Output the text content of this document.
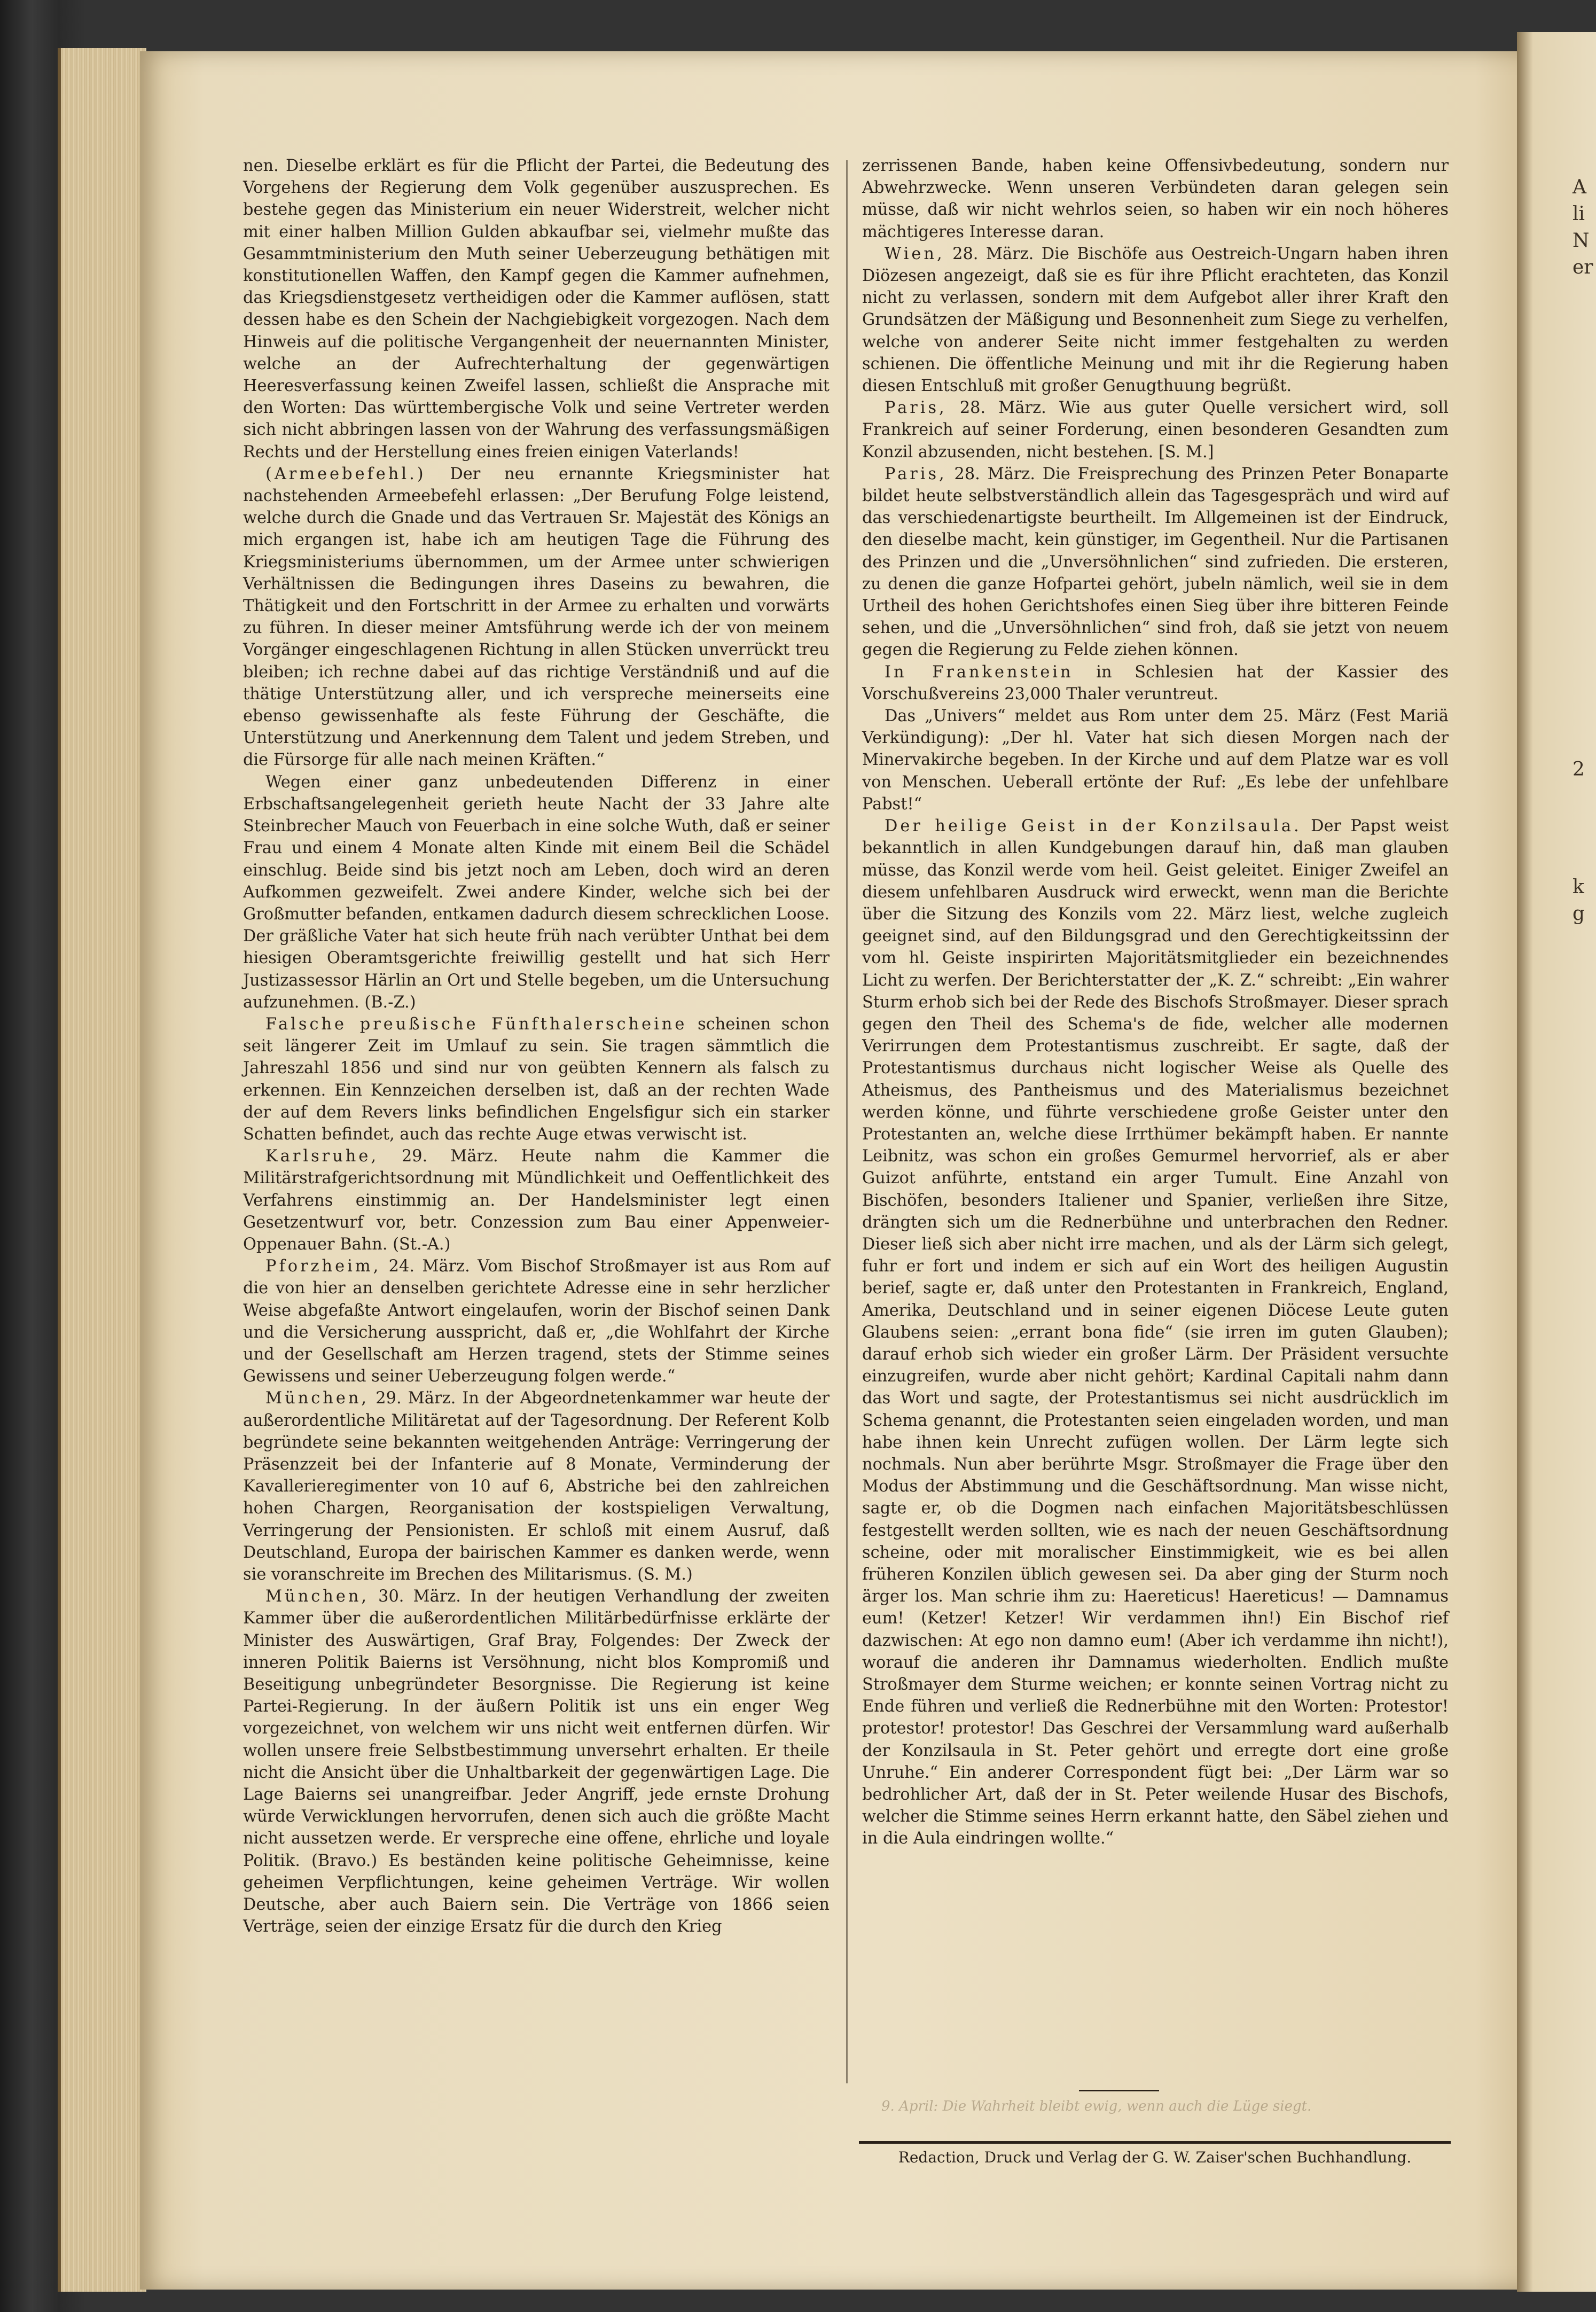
A
li
N
er
2
k
g

nen. Dieselbe erklärt es für die Pflicht der Partei, die Bedeutung des Vorgehens der Regierung dem Volk gegenüber auszusprechen. Es bestehe gegen das Ministerium ein neuer Widerstreit, welcher nicht mit einer halben Million Gulden abkaufbar sei, vielmehr mußte das Gesammtministerium den Muth seiner Ueberzeugung bethätigen mit konstitutionellen Waffen, den Kampf gegen die Kammer aufnehmen, das Kriegsdienstgesetz vertheidigen oder die Kammer auflösen, statt dessen habe es den Schein der Nachgiebigkeit vorgezogen. Nach dem Hinweis auf die politische Vergangenheit der neuernannten Minister, welche an der Aufrechterhaltung der gegenwärtigen Heeresverfassung keinen Zweifel lassen, schließt die Ansprache mit den Worten: Das württembergische Volk und seine Vertreter werden sich nicht abbringen lassen von der Wahrung des verfassungsmäßigen Rechts und der Herstellung eines freien einigen Vaterlands!

(Armeebefehl.) Der neu ernannte Kriegsminister hat nachstehenden Armeebefehl erlassen: „Der Berufung Folge leistend, welche durch die Gnade und das Vertrauen Sr. Majestät des Königs an mich ergangen ist, habe ich am heutigen Tage die Führung des Kriegsministeriums übernommen, um der Armee unter schwierigen Verhältnissen die Bedingungen ihres Daseins zu bewahren, die Thätigkeit und den Fortschritt in der Armee zu erhalten und vorwärts zu führen. In dieser meiner Amtsführung werde ich der von meinem Vorgänger eingeschlagenen Richtung in allen Stücken unverrückt treu bleiben; ich rechne dabei auf das richtige Verständniß und auf die thätige Unterstützung aller, und ich verspreche meinerseits eine ebenso gewissenhafte als feste Führung der Geschäfte, die Unterstützung und Anerkennung dem Talent und jedem Streben, und die Fürsorge für alle nach meinen Kräften.“

Wegen einer ganz unbedeutenden Differenz in einer Erbschaftsangelegenheit gerieth heute Nacht der 33 Jahre alte Steinbrecher Mauch von Feuerbach in eine solche Wuth, daß er seiner Frau und einem 4 Monate alten Kinde mit einem Beil die Schädel einschlug. Beide sind bis jetzt noch am Leben, doch wird an deren Aufkommen gezweifelt. Zwei andere Kinder, welche sich bei der Großmutter befanden, entkamen dadurch diesem schrecklichen Loose. Der gräßliche Vater hat sich heute früh nach verübter Unthat bei dem hiesigen Oberamtsgerichte freiwillig gestellt und hat sich Herr Justizassessor Härlin an Ort und Stelle begeben, um die Untersuchung aufzunehmen. (B.-Z.)

Falsche preußische Fünfthalerscheine scheinen schon seit längerer Zeit im Umlauf zu sein. Sie tragen sämmtlich die Jahreszahl 1856 und sind nur von geübten Kennern als falsch zu erkennen. Ein Kennzeichen derselben ist, daß an der rechten Wade der auf dem Revers links befindlichen Engelsfigur sich ein starker Schatten befindet, auch das rechte Auge etwas verwischt ist.

Karlsruhe, 29. März. Heute nahm die Kammer die Militärstrafgerichtsordnung mit Mündlichkeit und Oeffentlichkeit des Verfahrens einstimmig an. Der Handelsminister legt einen Gesetzentwurf vor, betr. Conzession zum Bau einer Appenweier-Oppenauer Bahn. (St.-A.)

Pforzheim, 24. März. Vom Bischof Stroßmayer ist aus Rom auf die von hier an denselben gerichtete Adresse eine in sehr herzlicher Weise abgefaßte Antwort eingelaufen, worin der Bischof seinen Dank und die Versicherung ausspricht, daß er, „die Wohlfahrt der Kirche und der Gesellschaft am Herzen tragend, stets der Stimme seines Gewissens und seiner Ueberzeugung folgen werde.“

München, 29. März. In der Abgeordnetenkammer war heute der außerordentliche Militäretat auf der Tagesordnung. Der Referent Kolb begründete seine bekannten weitgehenden Anträge: Verringerung der Präsenzzeit bei der Infanterie auf 8 Monate, Verminderung der Kavallerieregimenter von 10 auf 6, Abstriche bei den zahlreichen hohen Chargen, Reorganisation der kostspieligen Verwaltung, Verringerung der Pensionisten. Er schloß mit einem Ausruf, daß Deutschland, Europa der bairischen Kammer es danken werde, wenn sie voranschreite im Brechen des Militarismus. (S. M.)

München, 30. März. In der heutigen Verhandlung der zweiten Kammer über die außerordentlichen Militärbedürfnisse erklärte der Minister des Auswärtigen, Graf Bray, Folgendes: Der Zweck der inneren Politik Baierns ist Versöhnung, nicht blos Kompromiß und Beseitigung unbegründeter Besorgnisse. Die Regierung ist keine Partei-Regierung. In der äußern Politik ist uns ein enger Weg vorgezeichnet, von welchem wir uns nicht weit entfernen dürfen. Wir wollen unsere freie Selbstbestimmung unversehrt erhalten. Er theile nicht die Ansicht über die Unhaltbarkeit der gegenwärtigen Lage. Die Lage Baierns sei unangreifbar. Jeder Angriff, jede ernste Drohung würde Verwicklungen hervorrufen, denen sich auch die größte Macht nicht aussetzen werde. Er verspreche eine offene, ehrliche und loyale Politik. (Bravo.) Es beständen keine politische Geheimnisse, keine geheimen Verpflichtungen, keine geheimen Verträge. Wir wollen Deutsche, aber auch Baiern sein. Die Verträge von 1866 seien Verträge, seien der einzige Ersatz für die durch den Krieg

zerrissenen Bande, haben keine Offensivbedeutung, sondern nur Abwehrzwecke. Wenn unseren Verbündeten daran gelegen sein müsse, daß wir nicht wehrlos seien, so haben wir ein noch höheres mächtigeres Interesse daran.

Wien, 28. März. Die Bischöfe aus Oestreich-Ungarn haben ihren Diözesen angezeigt, daß sie es für ihre Pflicht erachteten, das Konzil nicht zu verlassen, sondern mit dem Aufgebot aller ihrer Kraft den Grundsätzen der Mäßigung und Besonnenheit zum Siege zu verhelfen, welche von anderer Seite nicht immer festgehalten zu werden schienen. Die öffentliche Meinung und mit ihr die Regierung haben diesen Entschluß mit großer Genugthuung begrüßt.

Paris, 28. März. Wie aus guter Quelle versichert wird, soll Frankreich auf seiner Forderung, einen besonderen Gesandten zum Konzil abzusenden, nicht bestehen. [S. M.]

Paris, 28. März. Die Freisprechung des Prinzen Peter Bonaparte bildet heute selbstverständlich allein das Tagesgespräch und wird auf das verschiedenartigste beurtheilt. Im Allgemeinen ist der Eindruck, den dieselbe macht, kein günstiger, im Gegentheil. Nur die Partisanen des Prinzen und die „Unversöhnlichen“ sind zufrieden. Die ersteren, zu denen die ganze Hofpartei gehört, jubeln nämlich, weil sie in dem Urtheil des hohen Gerichtshofes einen Sieg über ihre bitteren Feinde sehen, und die „Unversöhnlichen“ sind froh, daß sie jetzt von neuem gegen die Regierung zu Felde ziehen können.

In Frankenstein in Schlesien hat der Kassier des Vorschußvereins 23,000 Thaler veruntreut.

Das „Univers“ meldet aus Rom unter dem 25. März (Fest Mariä Verkündigung): „Der hl. Vater hat sich diesen Morgen nach der Minervakirche begeben. In der Kirche und auf dem Platze war es voll von Menschen. Ueberall ertönte der Ruf: „Es lebe der unfehlbare Pabst!“

Der heilige Geist in der Konzilsaula. Der Papst weist bekanntlich in allen Kundgebungen darauf hin, daß man glauben müsse, das Konzil werde vom heil. Geist geleitet. Einiger Zweifel an diesem unfehlbaren Ausdruck wird erweckt, wenn man die Berichte über die Sitzung des Konzils vom 22. März liest, welche zugleich geeignet sind, auf den Bildungsgrad und den Gerechtigkeitssinn der vom hl. Geiste inspirirten Majoritätsmitglieder ein bezeichnendes Licht zu werfen. Der Berichterstatter der „K. Z.“ schreibt: „Ein wahrer Sturm erhob sich bei der Rede des Bischofs Stroßmayer. Dieser sprach gegen den Theil des Schema's de fide, welcher alle modernen Verirrungen dem Protestantismus zuschreibt. Er sagte, daß der Protestantismus durchaus nicht logischer Weise als Quelle des Atheismus, des Pantheismus und des Materialismus bezeichnet werden könne, und führte verschiedene große Geister unter den Protestanten an, welche diese Irrthümer bekämpft haben. Er nannte Leibnitz, was schon ein großes Gemurmel hervorrief, als er aber Guizot anführte, entstand ein arger Tumult. Eine Anzahl von Bischöfen, besonders Italiener und Spanier, verließen ihre Sitze, drängten sich um die Rednerbühne und unterbrachen den Redner. Dieser ließ sich aber nicht irre machen, und als der Lärm sich gelegt, fuhr er fort und indem er sich auf ein Wort des heiligen Augustin berief, sagte er, daß unter den Protestanten in Frankreich, England, Amerika, Deutschland und in seiner eigenen Diöcese Leute guten Glaubens seien: „errant bona fide“ (sie irren im guten Glauben); darauf erhob sich wieder ein großer Lärm. Der Präsident versuchte einzugreifen, wurde aber nicht gehört; Kardinal Capitali nahm dann das Wort und sagte, der Protestantismus sei nicht ausdrücklich im Schema genannt, die Protestanten seien eingeladen worden, und man habe ihnen kein Unrecht zufügen wollen. Der Lärm legte sich nochmals. Nun aber berührte Msgr. Stroßmayer die Frage über den Modus der Abstimmung und die Geschäftsordnung. Man wisse nicht, sagte er, ob die Dogmen nach einfachen Majoritätsbeschlüssen festgestellt werden sollten, wie es nach der neuen Geschäftsordnung scheine, oder mit moralischer Einstimmigkeit, wie es bei allen früheren Konzilen üblich gewesen sei. Da aber ging der Sturm noch ärger los. Man schrie ihm zu: Haereticus! Haereticus! — Damnamus eum! (Ketzer! Ketzer! Wir verdammen ihn!) Ein Bischof rief dazwischen: At ego non damno eum! (Aber ich verdamme ihn nicht!), worauf die anderen ihr Damnamus wiederholten. Endlich mußte Stroßmayer dem Sturme weichen; er konnte seinen Vortrag nicht zu Ende führen und verließ die Rednerbühne mit den Worten: Protestor! protestor! protestor! Das Geschrei der Versammlung ward außerhalb der Konzilsaula in St. Peter gehört und erregte dort eine große Unruhe.“ Ein anderer Correspondent fügt bei: „Der Lärm war so bedrohlicher Art, daß der in St. Peter weilende Husar des Bischofs, welcher die Stimme seines Herrn erkannt hatte, den Säbel ziehen und in die Aula eindringen wollte.“

9. April: Die Wahrheit bleibt ewig, wenn auch die Lüge siegt.
Redaction, Druck und Verlag der G. W. Zaiser'schen Buchhandlung.
